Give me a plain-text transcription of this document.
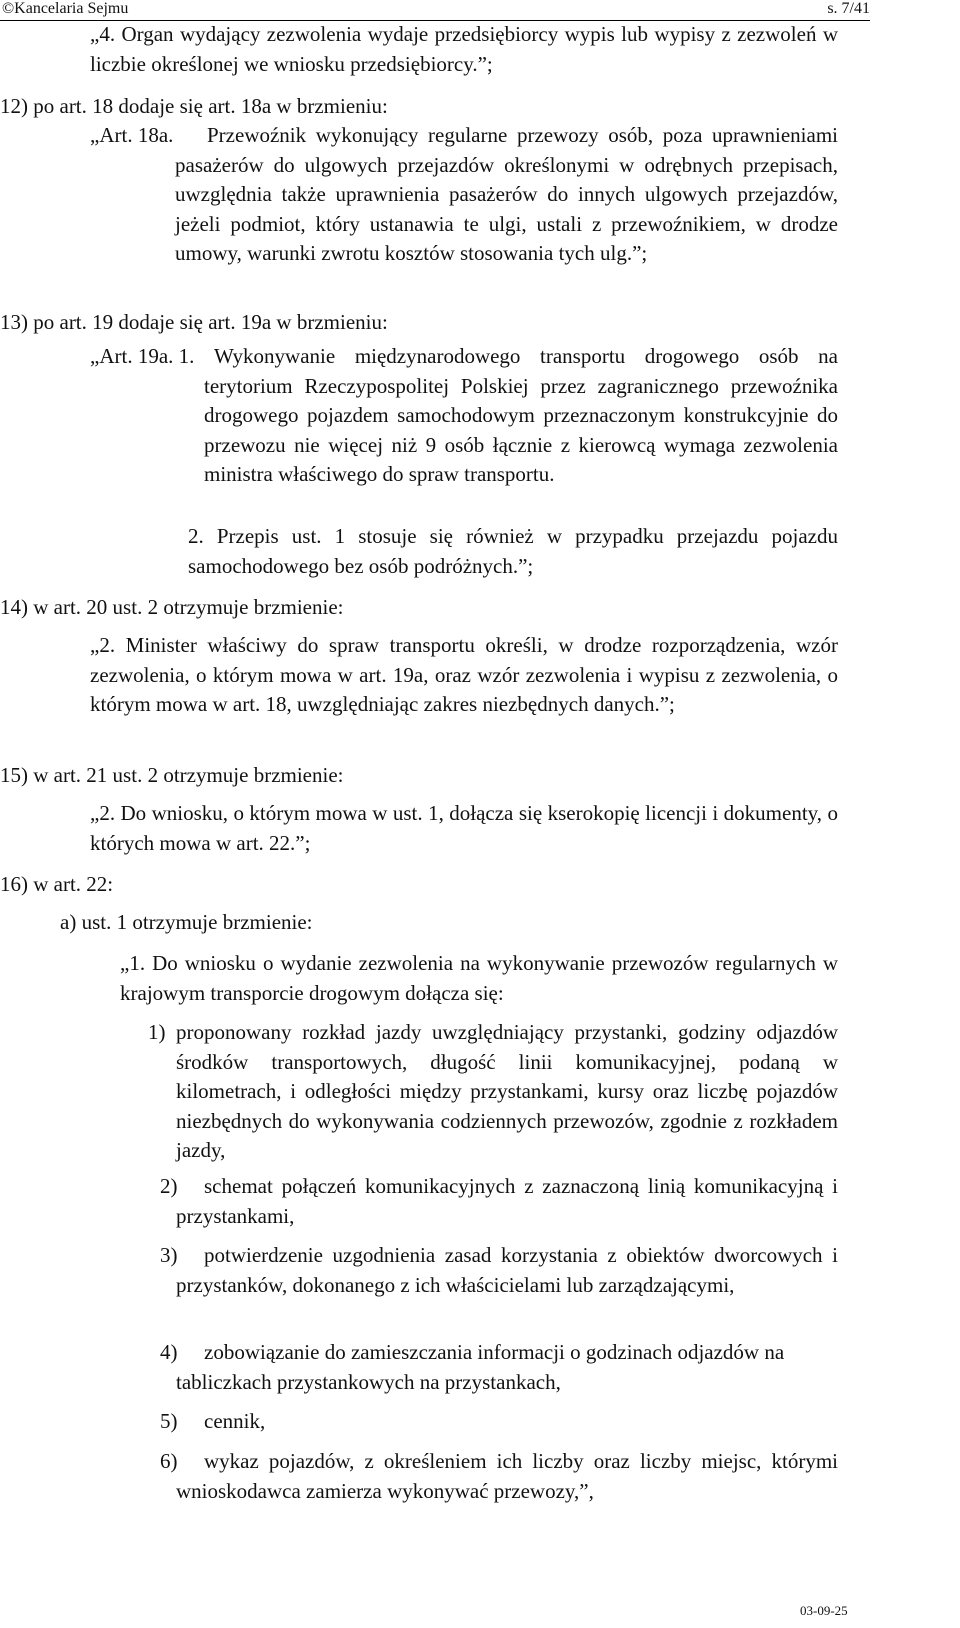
©Kancelaria Sejmu	s. 7/41

„4. Organ wydający zezwolenia wydaje przedsiębiorcy wypis lub wypisy z zezwoleń w liczbie określonej we wniosku przedsiębiorcy.”;

12) po art. 18 dodaje się art. 18a w brzmieniu:

„Art. 18a.	Przewoźnik wykonujący regularne przewozy osób, poza uprawnieniami pasażerów do ulgowych przejazdów określonymi w odrębnych przepisach, uwzględnia także uprawnienia pasażerów do innych ulgowych przejazdów, jeżeli podmiot, który ustanawia te ulgi, ustali z przewoźnikiem, w drodze umowy, warunki zwrotu kosztów stosowania tych ulg.”;

13) po art. 19 dodaje się art. 19a w brzmieniu:

„Art. 19a. 1. Wykonywanie międzynarodowego transportu drogowego osób na terytorium Rzeczypospolitej Polskiej przez zagranicznego przewoźnika drogowego pojazdem samochodowym przeznaczonym konstrukcyjnie do przewozu nie więcej niż 9 osób łącznie z kierowcą wymaga zezwolenia ministra właściwego do spraw transportu.

2. Przepis ust. 1 stosuje się również w przypadku przejazdu pojazdu samochodowego bez osób podróżnych.”;

14) w art. 20 ust. 2 otrzymuje brzmienie:

„2. Minister właściwy do spraw transportu określi, w drodze rozporządzenia, wzór zezwolenia, o którym mowa w art. 19a, oraz wzór zezwolenia i wypisu z zezwolenia, o którym mowa w art. 18, uwzględniając zakres niezbędnych danych.”;

15) w art. 21 ust. 2 otrzymuje brzmienie:

„2. Do wniosku, o którym mowa w ust. 1, dołącza się kserokopię licencji i dokumenty, o których mowa w art. 22.”;

16) w art. 22:

a) ust. 1 otrzymuje brzmienie:

„1. Do wniosku o wydanie zezwolenia na wykonywanie przewozów regularnych w krajowym transporcie drogowym dołącza się:

1) proponowany rozkład jazdy uwzględniający przystanki, godziny odjazdów środków transportowych, długość linii komunikacyjnej, podaną w kilometrach, i odległości między przystankami, kursy oraz liczbę pojazdów niezbędnych do wykonywania codziennych przewozów, zgodnie z rozkładem jazdy,

2)	schemat połączeń komunikacyjnych z zaznaczoną linią komunikacyjną i przystankami,

3)	potwierdzenie uzgodnienia zasad korzystania z obiektów dworcowych i przystanków, dokonanego z ich właścicielami lub zarządzającymi,

4)	zobowiązanie do zamieszczania informacji o godzinach odjazdów na tabliczkach przystankowych na przystankach,

5)	cennik,

6)	wykaz pojazdów, z określeniem ich liczby oraz liczby miejsc, którymi wnioskodawca zamierza wykonywać przewozy,”,

03-09-25
